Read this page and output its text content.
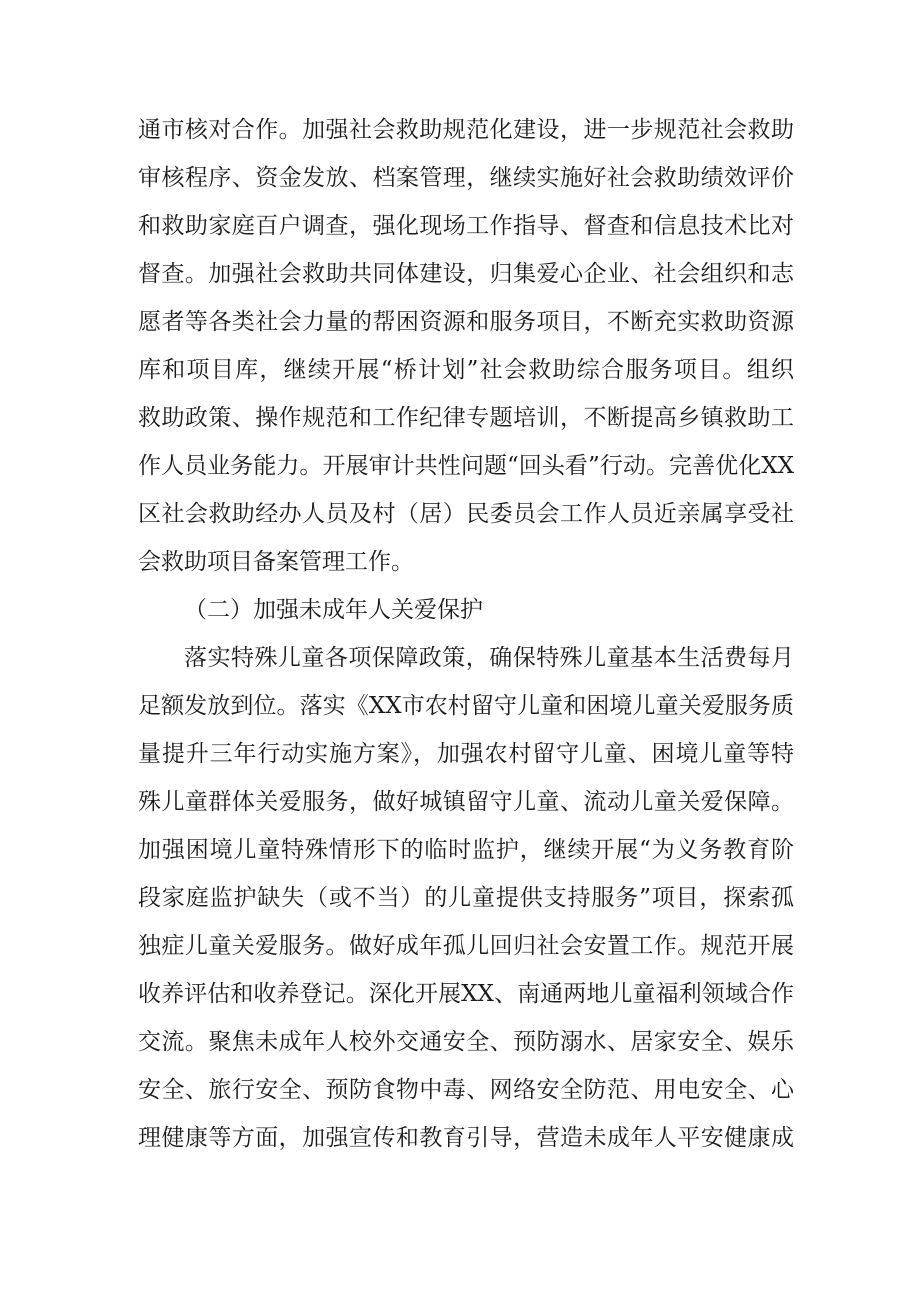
通市核对合作。加强社会救助规范化建设，进一步规范社会救助
审核程序、资金发放、档案管理，继续实施好社会救助绩效评价
和救助家庭百户调查，强化现场工作指导、督查和信息技术比对
督查。加强社会救助共同体建设，归集爱心企业、社会组织和志
愿者等各类社会力量的帮困资源和服务项目，不断充实救助资源
库和项目库，继续开展“桥计划”社会救助综合服务项目。组织
救助政策、操作规范和工作纪律专题培训，不断提高乡镇救助工
作人员业务能力。开展审计共性问题“回头看”行动。完善优化XX
区社会救助经办人员及村（居）民委员会工作人员近亲属享受社
会救助项目备案管理工作。
（二）加强未成年人关爱保护
落实特殊儿童各项保障政策，确保特殊儿童基本生活费每月
足额发放到位。落实《XX市农村留守儿童和困境儿童关爱服务质
量提升三年行动实施方案》，加强农村留守儿童、困境儿童等特
殊儿童群体关爱服务，做好城镇留守儿童、流动儿童关爱保障。
加强困境儿童特殊情形下的临时监护，继续开展“为义务教育阶
段家庭监护缺失（或不当）的儿童提供支持服务”项目，探索孤
独症儿童关爱服务。做好成年孤儿回归社会安置工作。规范开展
收养评估和收养登记。深化开展XX、南通两地儿童福利领域合作
交流。聚焦未成年人校外交通安全、预防溺水、居家安全、娱乐
安全、旅行安全、预防食物中毒、网络安全防范、用电安全、心
理健康等方面，加强宣传和教育引导，营造未成年人平安健康成
